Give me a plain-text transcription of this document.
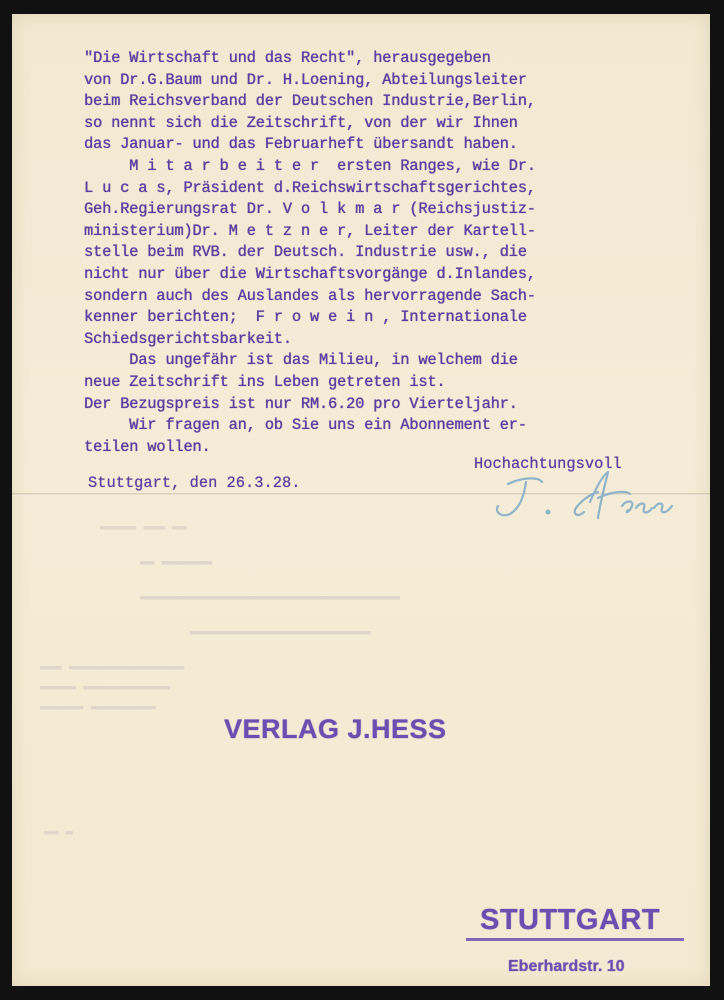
▬▬▬▬▬ ▬▬▬ ▬▬
▬▬ ▬▬▬▬▬▬▬
▬▬▬▬▬▬▬▬▬▬▬▬▬▬▬▬▬▬▬▬▬▬▬▬▬▬▬▬▬▬▬▬▬▬▬▬
▬▬▬▬▬▬▬▬▬▬▬▬▬▬▬▬▬▬▬▬▬▬▬▬▬
▬▬▬ ▬▬▬▬▬▬▬▬▬▬▬▬▬▬▬▬
▬▬▬▬▬ ▬▬▬▬▬▬▬▬▬▬▬▬
▬▬▬▬▬▬ ▬▬▬▬▬▬▬▬▬
▬▬ ▬
"Die Wirtschaft und das Recht", herausgegeben
von Dr.G.Baum und Dr. H.Loening, Abteilungsleiter
beim Reichsverband der Deutschen Industrie,Berlin,
so nennt sich die Zeitschrift, von der wir Ihnen
das Januar- und das Februarheft übersandt haben.
M i t a r b e i t e r  ersten Ranges, wie Dr.
L u c a s, Präsident d.Reichswirtschaftsgerichtes,
Geh.Regierungsrat Dr. V o l k m a r (Reichsjustiz-
ministerium)Dr. M e t z n e r, Leiter der Kartell-
stelle beim RVB. der Deutsch. Industrie usw., die
nicht nur über die Wirtschaftsvorgänge d.Inlandes,
sondern auch des Auslandes als hervorragende Sach-
kenner berichten;  F r o w e i n , Internationale
Schiedsgerichtsbarkeit.
Das ungefähr ist das Milieu, in welchem die
neue Zeitschrift ins Leben getreten ist.
Der Bezugspreis ist nur RM.6.20 pro Vierteljahr.
Wir fragen an, ob Sie uns ein Abonnement er-
teilen wollen.
Hochachtungsvoll
Stuttgart, den 26.3.28.
VERLAG J.HESS
STUTTGART
Eberhardstr. 10
